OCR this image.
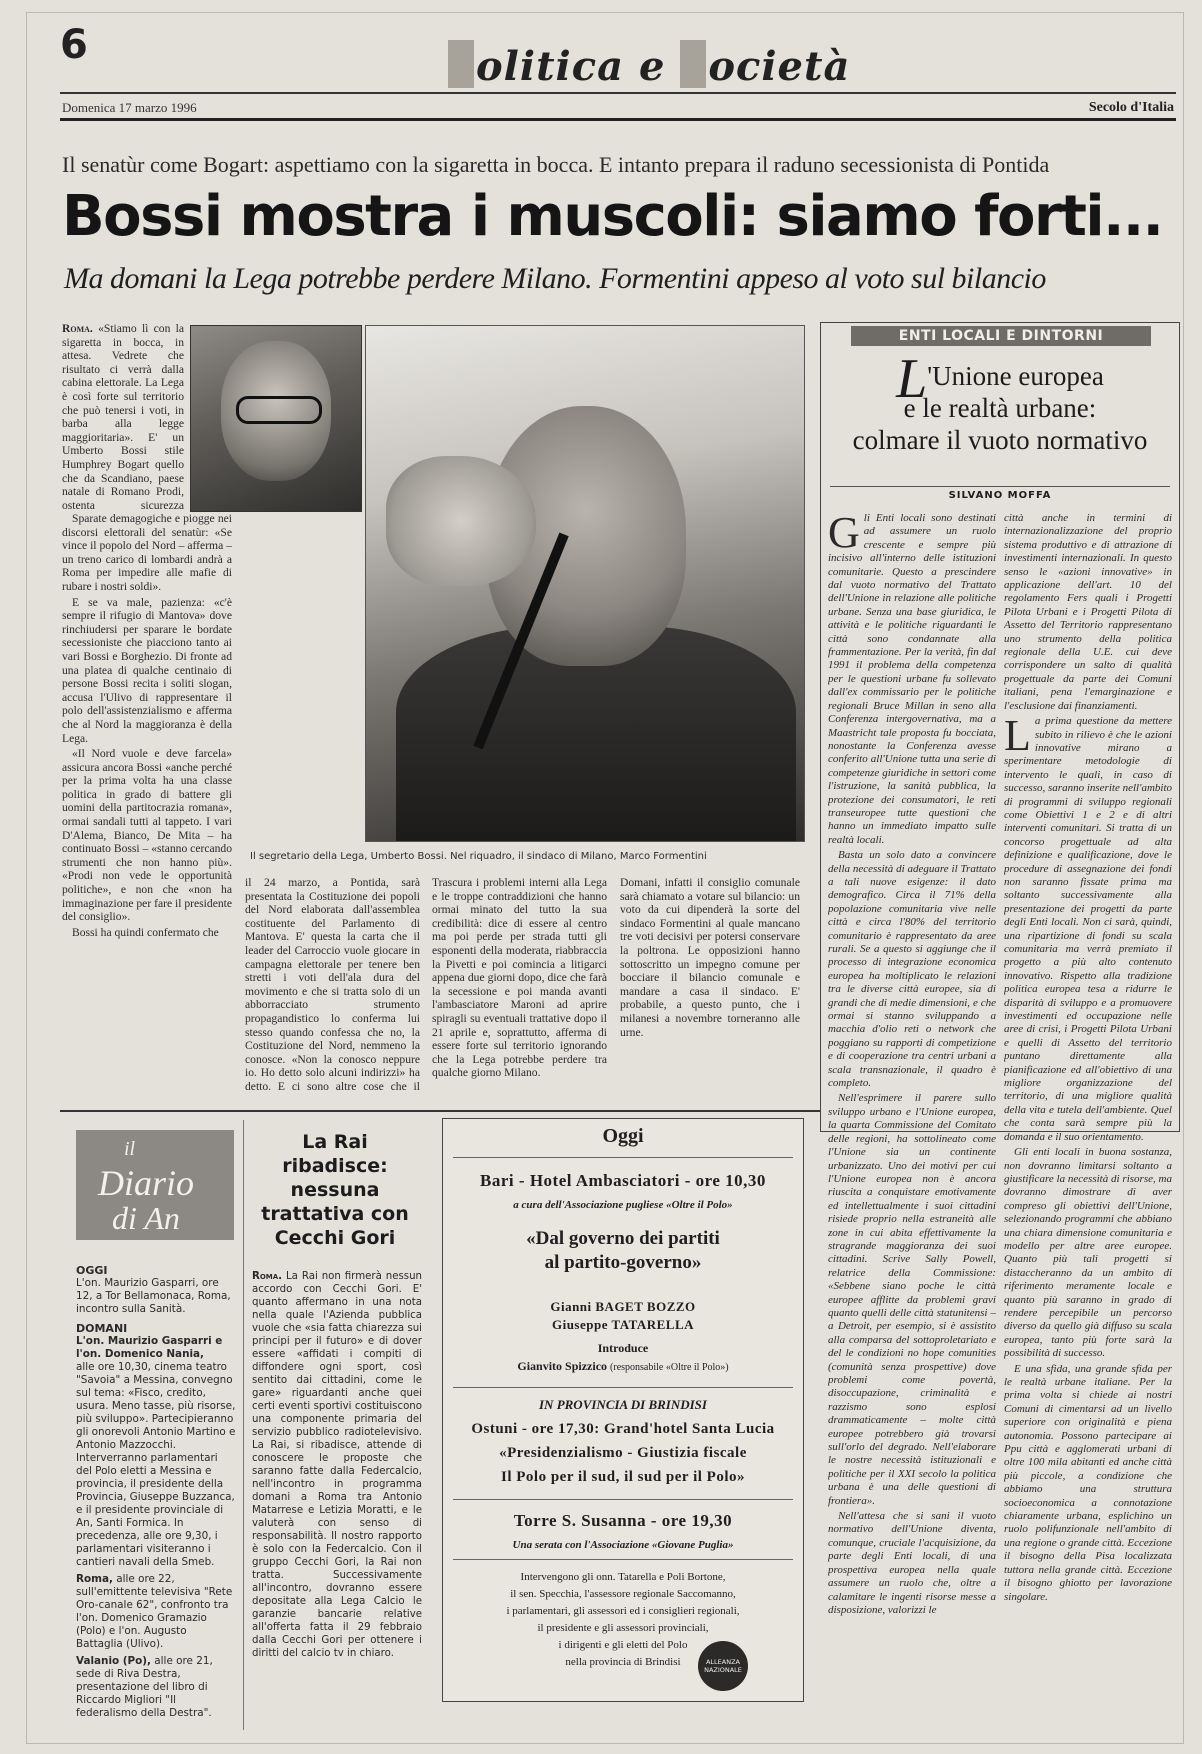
6	olitica e ocietà
Domenica 17 marzo 1996	Secolo d'Italia
Il senatùr come Bogart: aspettiamo con la sigaretta in bocca. E intanto prepara il raduno secessionista di Pontida
Bossi mostra i muscoli: siamo forti...
Ma domani la Lega potrebbe perdere Milano. Formentini appeso al voto sul bilancio

Roma. «Stiamo lì con la sigaretta in bocca, in attesa. Vedrete che risultato ci verrà dalla cabina elettorale. La Lega è così forte sul territorio che può tenersi i voti, in barba alla legge maggioritaria». E' un Umberto Bossi stile Humphrey Bogart quello che da Scandiano, paese natale di Romano Prodi, ostenta sicurezza

Sparate demagogiche e piogge nei discorsi elettorali del senatùr: «Se vince il popolo del Nord – afferma – un treno carico di lombardi andrà a Roma per impedire alle mafie di rubare i nostri soldi».

E se va male, pazienza: «c'è sempre il rifugio di Mantova» dove rinchiudersi per sparare le bordate secessioniste che piacciono tanto ai vari Bossi e Borghezio. Di fronte ad una platea di qualche centinaio di persone Bossi recita i soliti slogan, accusa l'Ulivo di rappresentare il polo dell'assistenzialismo e afferma che al Nord la maggioranza è della Lega.

«Il Nord vuole e deve farcela» assicura ancora Bossi «anche perché per la prima volta ha una classe politica in grado di battere gli uomini della partitocrazia romana», ormai sandali tutti al tappeto. I vari D'Alema, Bianco, De Mita – ha continuato Bossi – «stanno cercando strumenti che non hanno più». «Prodi non vede le opportunità politiche», e non che «non ha immaginazione per fare il presidente del consiglio».

Bossi ha quindi confermato che

Il segretario della Lega, Umberto Bossi. Nel riquadro, il sindaco di Milano, Marco Formentini

il 24 marzo, a Pontida, sarà presentata la Costituzione dei popoli del Nord elaborata dall'assemblea costituente del Parlamento di Mantova. E' questa la carta che il leader del Carroccio vuole giocare in campagna elettorale per tenere ben stretti i voti dell'ala dura del movimento e che si tratta solo di un abborracciato strumento propagandistico lo conferma lui stesso quando confessa che no, la Costituzione del Nord, nemmeno la conosce. «Non la conosco neppure io. Ho detto solo alcuni indirizzi» ha detto. E ci sono altre cose che il

Trascura i problemi interni alla Lega e le troppe contraddizioni che hanno ormai minato del tutto la sua credibilità: dice di essere al centro ma poi perde per strada tutti gli esponenti della moderata, riabbraccia la Pivetti e poi comincia a litigarci appena due giorni dopo, dice che farà la secessione e poi manda avanti l'ambasciatore Maroni ad aprire spiragli su eventuali trattative dopo il 21 aprile e, soprattutto, afferma di essere forte sul territorio ignorando che la Lega potrebbe perdere tra qualche giorno Milano.

Domani, infatti il consiglio comunale sarà chiamato a votare sul bilancio: un voto da cui dipenderà la sorte del sindaco Formentini al quale mancano tre voti decisivi per potersi conservare la poltrona. Le opposizioni hanno sottoscritto un impegno comune per bocciare il bilancio comunale e mandare a casa il sindaco. E' probabile, a questo punto, che i milanesi a novembre torneranno alle urne.

ENTI LOCALI E DINTORNI
L'Unione europea
e le realtà urbane:
colmare il vuoto normativo
SILVANO MOFFA

Gli Enti locali sono destinati ad assumere un ruolo crescente e sempre più incisivo all'interno delle istituzioni comunitarie. Questo a prescindere dal vuoto normativo del Trattato dell'Unione in relazione alle politiche urbane. Senza una base giuridica, le attività e le politiche riguardanti le città sono condannate alla frammentazione. Per la verità, fin dal 1991 il problema della competenza per le questioni urbane fu sollevato dall'ex commissario per le politiche regionali Bruce Millan in seno alla Conferenza intergovernativa, ma a Maastricht tale proposta fu bocciata, nonostante la Conferenza avesse conferito all'Unione tutta una serie di competenze giuridiche in settori come l'istruzione, la sanità pubblica, la protezione dei consumatori, le reti transeuropee tutte questioni che hanno un immediato impatto sulle realtà locali.

Basta un solo dato a convincere della necessità di adeguare il Trattato a tali nuove esigenze: il dato demografico. Circa il 71% della popolazione comunitaria vive nelle città e circa l'80% del territorio comunitario è rappresentato da aree rurali. Se a questo si aggiunge che il processo di integrazione economica europea ha moltiplicato le relazioni tra le diverse città europee, sia di grandi che di medie dimensioni, e che ormai si stanno sviluppando a macchia d'olio reti o network che poggiano su rapporti di competizione e di cooperazione tra centri urbani a scala transnazionale, il quadro è completo.

Nell'esprimere il parere sullo sviluppo urbano e l'Unione europea, la quarta Commissione del Comitato delle regioni, ha sottolineato come l'Unione sia un continente urbanizzato. Uno dei motivi per cui l'Unione europea non è ancora riuscita a conquistare emotivamente ed intellettualmente i suoi cittadini risiede proprio nella estraneità alle zone in cui abita effettivamente la stragrande maggioranza dei suoi cittadini. Scrive Sally Powell, relatrice della Commissione: «Sebbene siano poche le città europee afflitte da problemi gravi quanto quelli delle città statunitensi – a Detroit, per esempio, si è assistito alla comparsa del sottoproletariato e del le condizioni no hope comunities (comunità senza prospettive) dove problemi come povertà, disoccupazione, criminalità e razzismo sono esplosi drammaticamente – molte città europee potrebbero già trovarsi sull'orlo del degrado. Nell'elaborare le nostre necessità istituzionali e politiche per il XXI secolo la politica urbana è una delle questioni di frontiera».

Nell'attesa che si sani il vuoto normativo dell'Unione diventa, comunque, cruciale l'acquisizione, da parte degli Enti locali, di una prospettiva europea nella quale assumere un ruolo che, oltre a calamitare le ingenti risorse messe a disposizione, valorizzi le

città anche in termini di internazionalizzazione del proprio sistema produttivo e di attrazione di investimenti internazionali. In questo senso le «azioni innovative» in applicazione dell'art. 10 del regolamento Fers quali i Progetti Pilota Urbani e i Progetti Pilota di Assetto del Territorio rappresentano uno strumento della politica regionale della U.E. cui deve corrispondere un salto di qualità progettuale da parte dei Comuni italiani, pena l'emarginazione e l'esclusione dai finanziamenti.

La prima questione da mettere subito in rilievo è che le azioni innovative mirano a sperimentare metodologie di intervento le quali, in caso di successo, saranno inserite nell'ambito di programmi di sviluppo regionali come Obiettivi 1 e 2 e di altri interventi comunitari. Si tratta di un concorso progettuale ad alta definizione e qualificazione, dove le procedure di assegnazione dei fondi non saranno fissate prima ma soltanto successivamente alla presentazione dei progetti da parte degli Enti locali. Non ci sarà, quindi, una ripartizione di fondi su scala comunitaria ma verrà premiato il progetto a più alto contenuto innovativo. Rispetto alla tradizione politica europea tesa a ridurre le disparità di sviluppo e a promuovere investimenti ed occupazione nelle aree di crisi, i Progetti Pilota Urbani e quelli di Assetto del territorio puntano direttamente alla pianificazione ed all'obiettivo di una migliore organizzazione del territorio, di una migliore qualità della vita e tutela dell'ambiente. Quel che conta sarà sempre più la domanda e il suo orientamento.

Gli enti locali in buona sostanza, non dovranno limitarsi soltanto a giustificare la necessità di risorse, ma dovranno dimostrare di aver compreso gli obiettivi dell'Unione, selezionando programmi che abbiano una chiara dimensione comunitaria e modello per altre aree europee. Quanto più tali progetti si distaccheranno da un ambito di riferimento meramente locale e quanto più saranno in grado di rendere percepibile un percorso diverso da quello già diffuso su scala europea, tanto più forte sarà la possibilità di successo.

E una sfida, una grande sfida per le realtà urbane italiane. Per la prima volta si chiede ai nostri Comuni di cimentarsi ad un livello superiore con originalità e piena autonomia. Possono partecipare ai Ppu città e agglomerati urbani di oltre 100 mila abitanti ed anche città più piccole, a condizione che abbiamo una struttura socioeconomica a connotazione chiaramente urbana, esplichino un ruolo polifunzionale nell'ambito di una regione o grande città. Eccezione il bisogno della Pisa localizzata tuttora nella grande città. Eccezione il bisogno ghiotto per lavorazione singolare.

il
Diario
di An
OGGI
L'on. Maurizio Gasparri, ore 12, a Tor Bellamonaca, Roma, incontro sulla Sanità.
DOMANI
L'on. Maurizio Gasparri e l'on. Domenico Nania,
alle ore 10,30, cinema teatro "Savoia" a Messina, convegno sul tema: «Fisco, credito, usura. Meno tasse, più risorse, più sviluppo». Partecipieranno gli onorevoli Antonio Martino e Antonio Mazzocchi. Interverranno parlamentari del Polo eletti a Messina e provincia, il presidente della Provincia, Giuseppe Buzzanca, e il presidente provinciale di An, Santi Formica. In precedenza, alle ore 9,30, i parlamentari visiteranno i cantieri navali della Smeb.
Roma, alle ore 22, sull'emittente televisiva "Rete Oro-canale 62", confronto tra l'on. Domenico Gramazio (Polo) e l'on. Augusto Battaglia (Ulivo).
Valanio (Po), alle ore 21, sede di Riva Destra, presentazione del libro di Riccardo Migliori "Il federalismo della Destra".
La Rai ribadisce: nessuna trattativa con Cecchi Gori

Roma. La Rai non firmerà nessun accordo con Cecchi Gori. E' quanto affermano in una nota nella quale l'Azienda pubblica vuole che «sia fatta chiarezza sui principi per il futuro» e di dover essere «affidati i compiti di diffondere ogni sport, così sentito dai cittadini, come le gare» riguardanti anche quei certi eventi sportivi costituiscono una componente primaria del servizio pubblico radiotelevisivo. La Rai, si ribadisce, attende di conoscere le proposte che saranno fatte dalla Federcalcio, nell'incontro in programma domani a Roma tra Antonio Matarrese e Letizia Moratti, e le valuterà con senso di responsabilità. Il nostro rapporto è solo con la Federcalcio. Con il gruppo Cecchi Gori, la Rai non tratta. Successivamente all'incontro, dovranno essere depositate alla Lega Calcio le garanzie bancarie relative all'offerta fatta il 29 febbraio dalla Cecchi Gori per ottenere i diritti del calcio tv in chiaro.

Oggi
Bari - Hotel Ambasciatori - ore 10,30
a cura dell'Associazione pugliese «Oltre il Polo»
«Dal governo dei partiti
al partito-governo»
Gianni BAGET BOZZO
Giuseppe TATARELLA
Introduce
Gianvito Spizzico (responsabile «Oltre il Polo»)
IN PROVINCIA DI BRINDISI
Ostuni - ore 17,30: Grand'hotel Santa Lucia
«Presidenzialismo - Giustizia fiscale
Il Polo per il sud, il sud per il Polo»
Torre S. Susanna - ore 19,30
Una serata con l'Associazione «Giovane Puglia»
Intervengono gli onn. Tatarella e Poli Bortone,
il sen. Specchia, l'assessore regionale Saccomanno,
i parlamentari, gli assessori ed i consiglieri regionali,
il presidente e gli assessori provinciali,
i dirigenti e gli eletti del Polo
nella provincia di Brindisi	ALLEANZA NAZIONALE
